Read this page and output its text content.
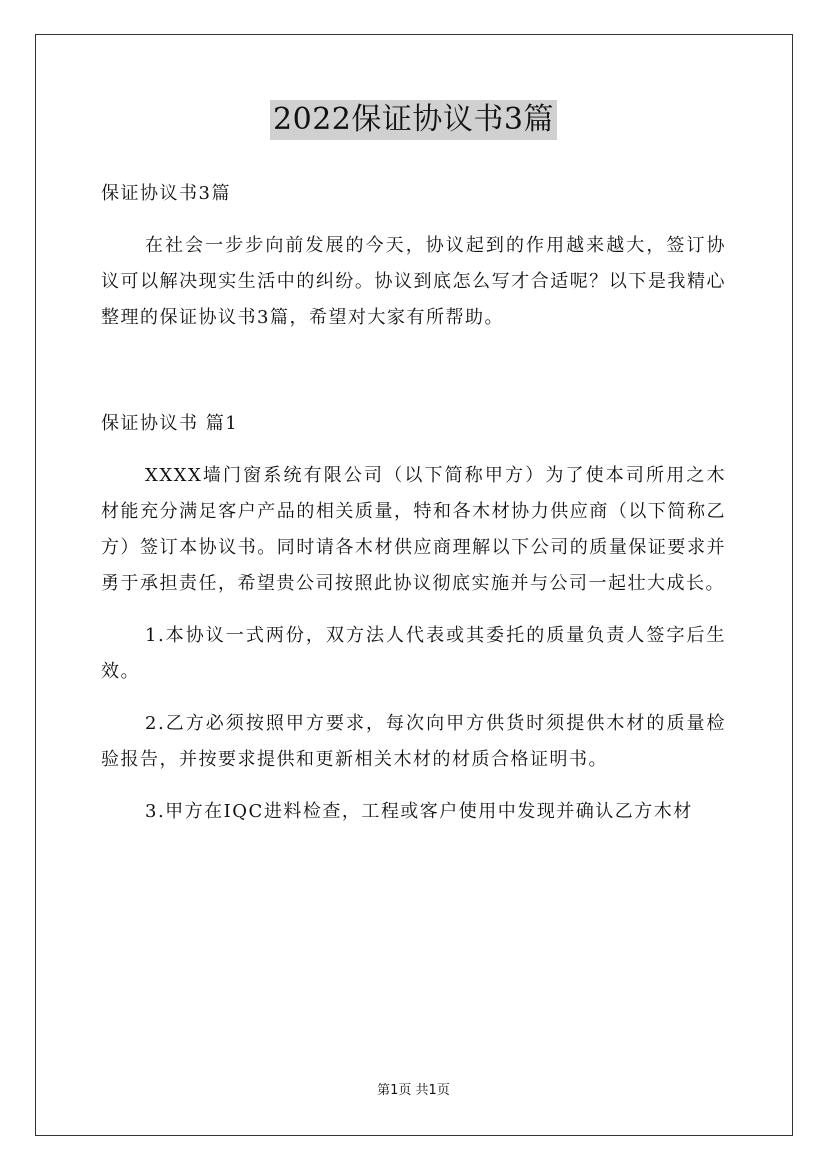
2022保证协议书3篇

保证协议书3篇

在社会一步步向前发展的今天，协议起到的作用越来越大，签订协议可以解决现实生活中的纠纷。协议到底怎么写才合适呢？以下是我精心整理的保证协议书3篇，希望对大家有所帮助。

保证协议书 篇1

XXXX墙门窗系统有限公司（以下简称甲方）为了使本司所用之木材能充分满足客户产品的相关质量，特和各木材协力供应商（以下简称乙方）签订本协议书。同时请各木材供应商理解以下公司的质量保证要求并勇于承担责任，希望贵公司按照此协议彻底实施并与公司一起壮大成长。

1.本协议一式两份，双方法人代表或其委托的质量负责人签字后生效。

2.乙方必须按照甲方要求，每次向甲方供货时须提供木材的质量检验报告，并按要求提供和更新相关木材的材质合格证明书。

3.甲方在IQC进料检查，工程或客户使用中发现并确认乙方木材

第1页 共1页
